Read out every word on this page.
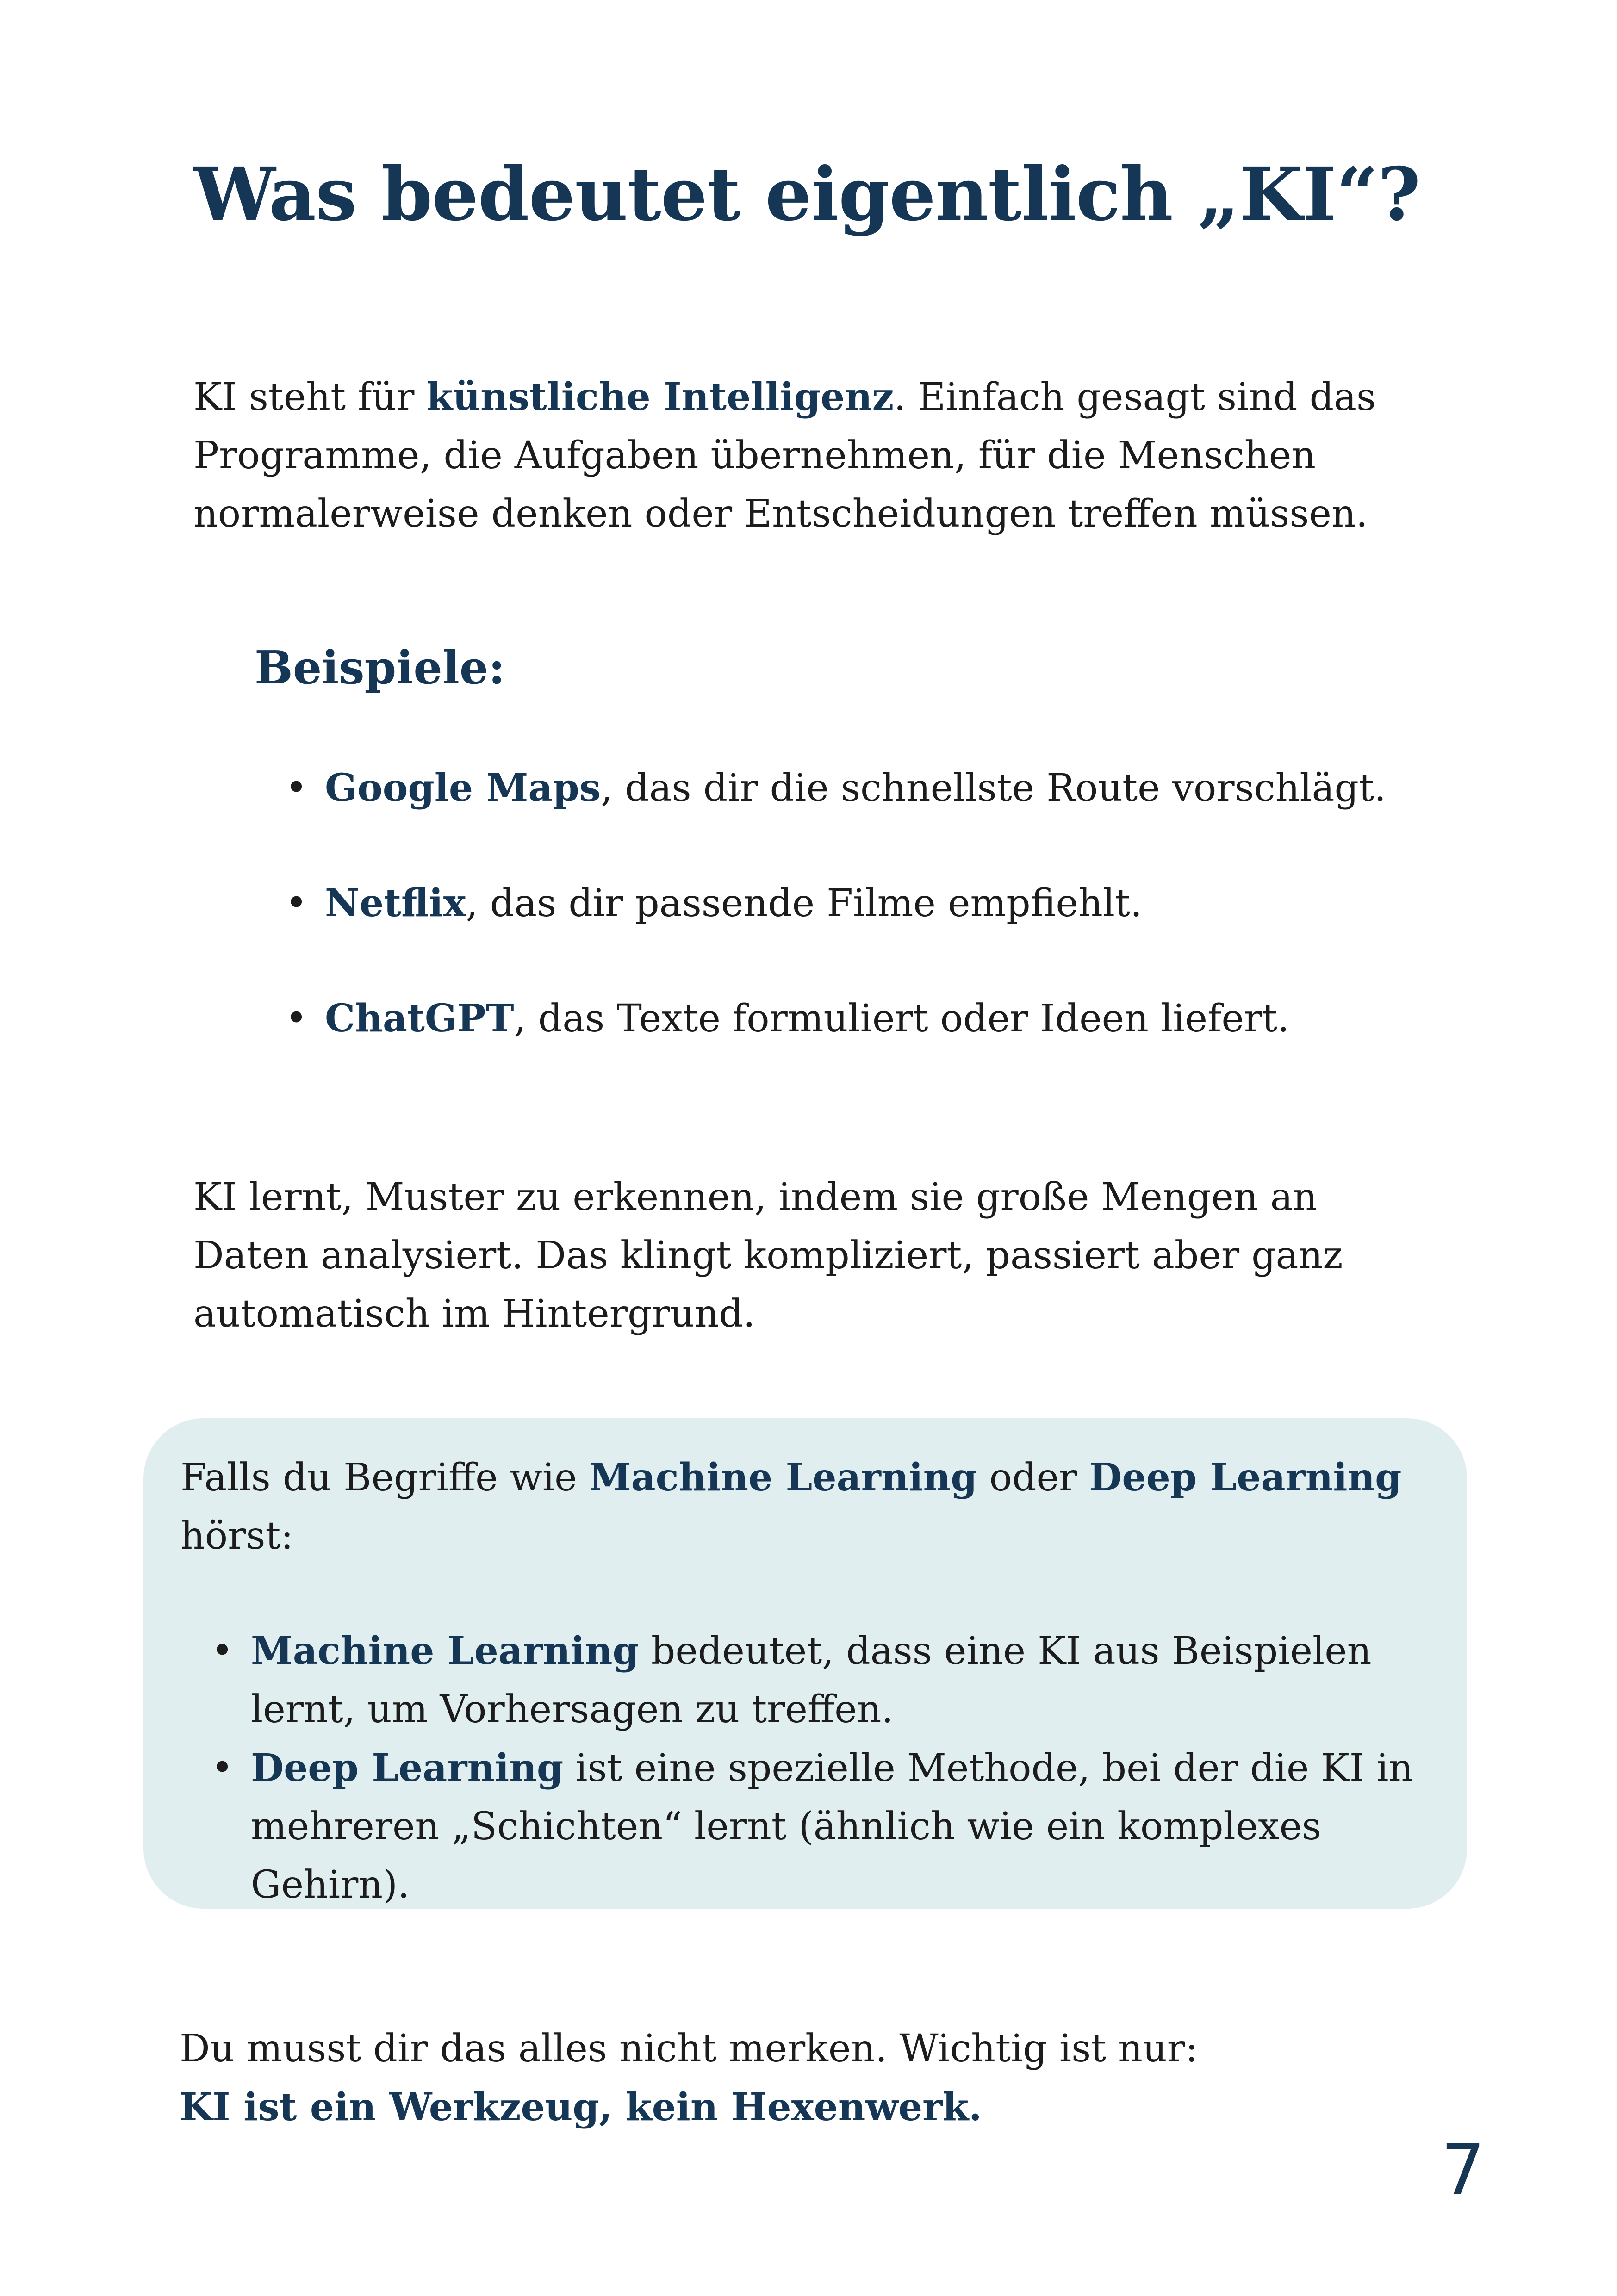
Was bedeutet eigentlich „KI“?

KI steht für künstliche Intelligenz. Einfach gesagt sind das Programme, die Aufgaben übernehmen, für die Menschen normalerweise denken oder Entscheidungen treffen müssen.

Beispiele:
• Google Maps, das dir die schnellste Route vorschlägt.
• Netflix, das dir passende Filme empfiehlt.
• ChatGPT, das Texte formuliert oder Ideen liefert.

KI lernt, Muster zu erkennen, indem sie große Mengen an Daten analysiert. Das klingt kompliziert, passiert aber ganz automatisch im Hintergrund.

Falls du Begriffe wie Machine Learning oder Deep Learning hörst:

• Machine Learning bedeutet, dass eine KI aus Beispielen lernt, um Vorhersagen zu treffen.
• Deep Learning ist eine spezielle Methode, bei der die KI in mehreren „Schichten“ lernt (ähnlich wie ein komplexes Gehirn).

Du musst dir das alles nicht merken. Wichtig ist nur:
KI ist ein Werkzeug, kein Hexenwerk.

7
